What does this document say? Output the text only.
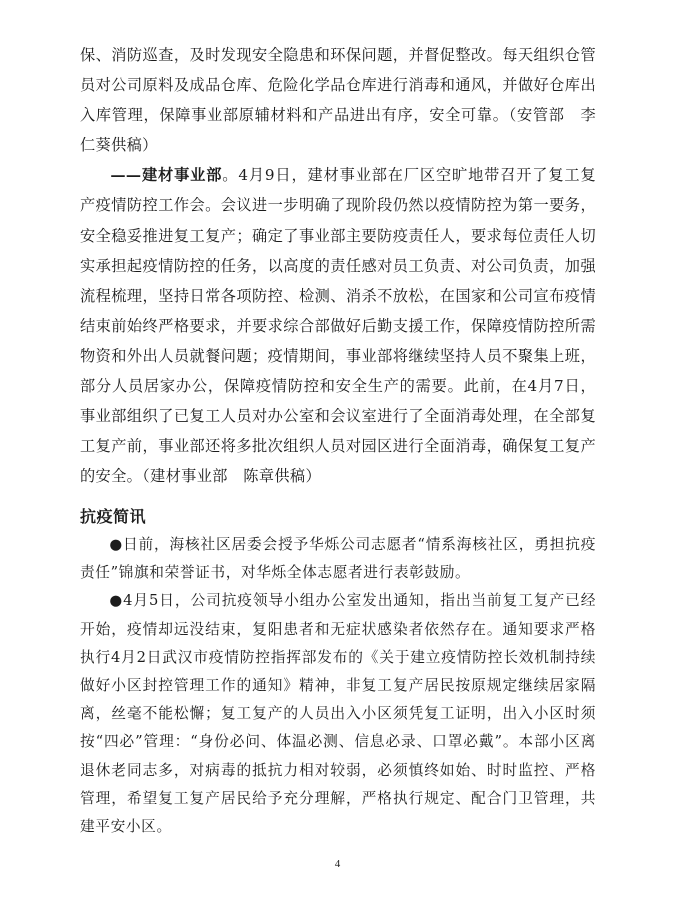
保、消防巡查，及时发现安全隐患和环保问题，并督促整改。每天组织仓管员对公司原料及成品仓库、危险化学品仓库进行消毒和通风，并做好仓库出入库管理，保障事业部原辅材料和产品进出有序，安全可靠。（安管部　李仁葵供稿）

——建材事业部。4月9日，建材事业部在厂区空旷地带召开了复工复产疫情防控工作会。会议进一步明确了现阶段仍然以疫情防控为第一要务，安全稳妥推进复工复产；确定了事业部主要防疫责任人，要求每位责任人切实承担起疫情防控的任务，以高度的责任感对员工负责、对公司负责，加强流程梳理，坚持日常各项防控、检测、消杀不放松，在国家和公司宣布疫情结束前始终严格要求，并要求综合部做好后勤支援工作，保障疫情防控所需物资和外出人员就餐问题；疫情期间，事业部将继续坚持人员不聚集上班，部分人员居家办公，保障疫情防控和安全生产的需要。此前，在4月7日，事业部组织了已复工人员对办公室和会议室进行了全面消毒处理，在全部复工复产前，事业部还将多批次组织人员对园区进行全面消毒，确保复工复产的安全。（建材事业部　陈章供稿）

抗疫简讯

●日前，海核社区居委会授予华烁公司志愿者“情系海核社区，勇担抗疫责任”锦旗和荣誉证书，对华烁全体志愿者进行表彰鼓励。

●4月5日，公司抗疫领导小组办公室发出通知，指出当前复工复产已经开始，疫情却远没结束，复阳患者和无症状感染者依然存在。通知要求严格执行4月2日武汉市疫情防控指挥部发布的《关于建立疫情防控长效机制持续做好小区封控管理工作的通知》精神，非复工复产居民按原规定继续居家隔离，丝毫不能松懈；复工复产的人员出入小区须凭复工证明，出入小区时须按“四必”管理：“身份必问、体温必测、信息必录、口罩必戴”。本部小区离退休老同志多，对病毒的抵抗力相对较弱，必须慎终如始、时时监控、严格管理，希望复工复产居民给予充分理解，严格执行规定、配合门卫管理，共建平安小区。

4
